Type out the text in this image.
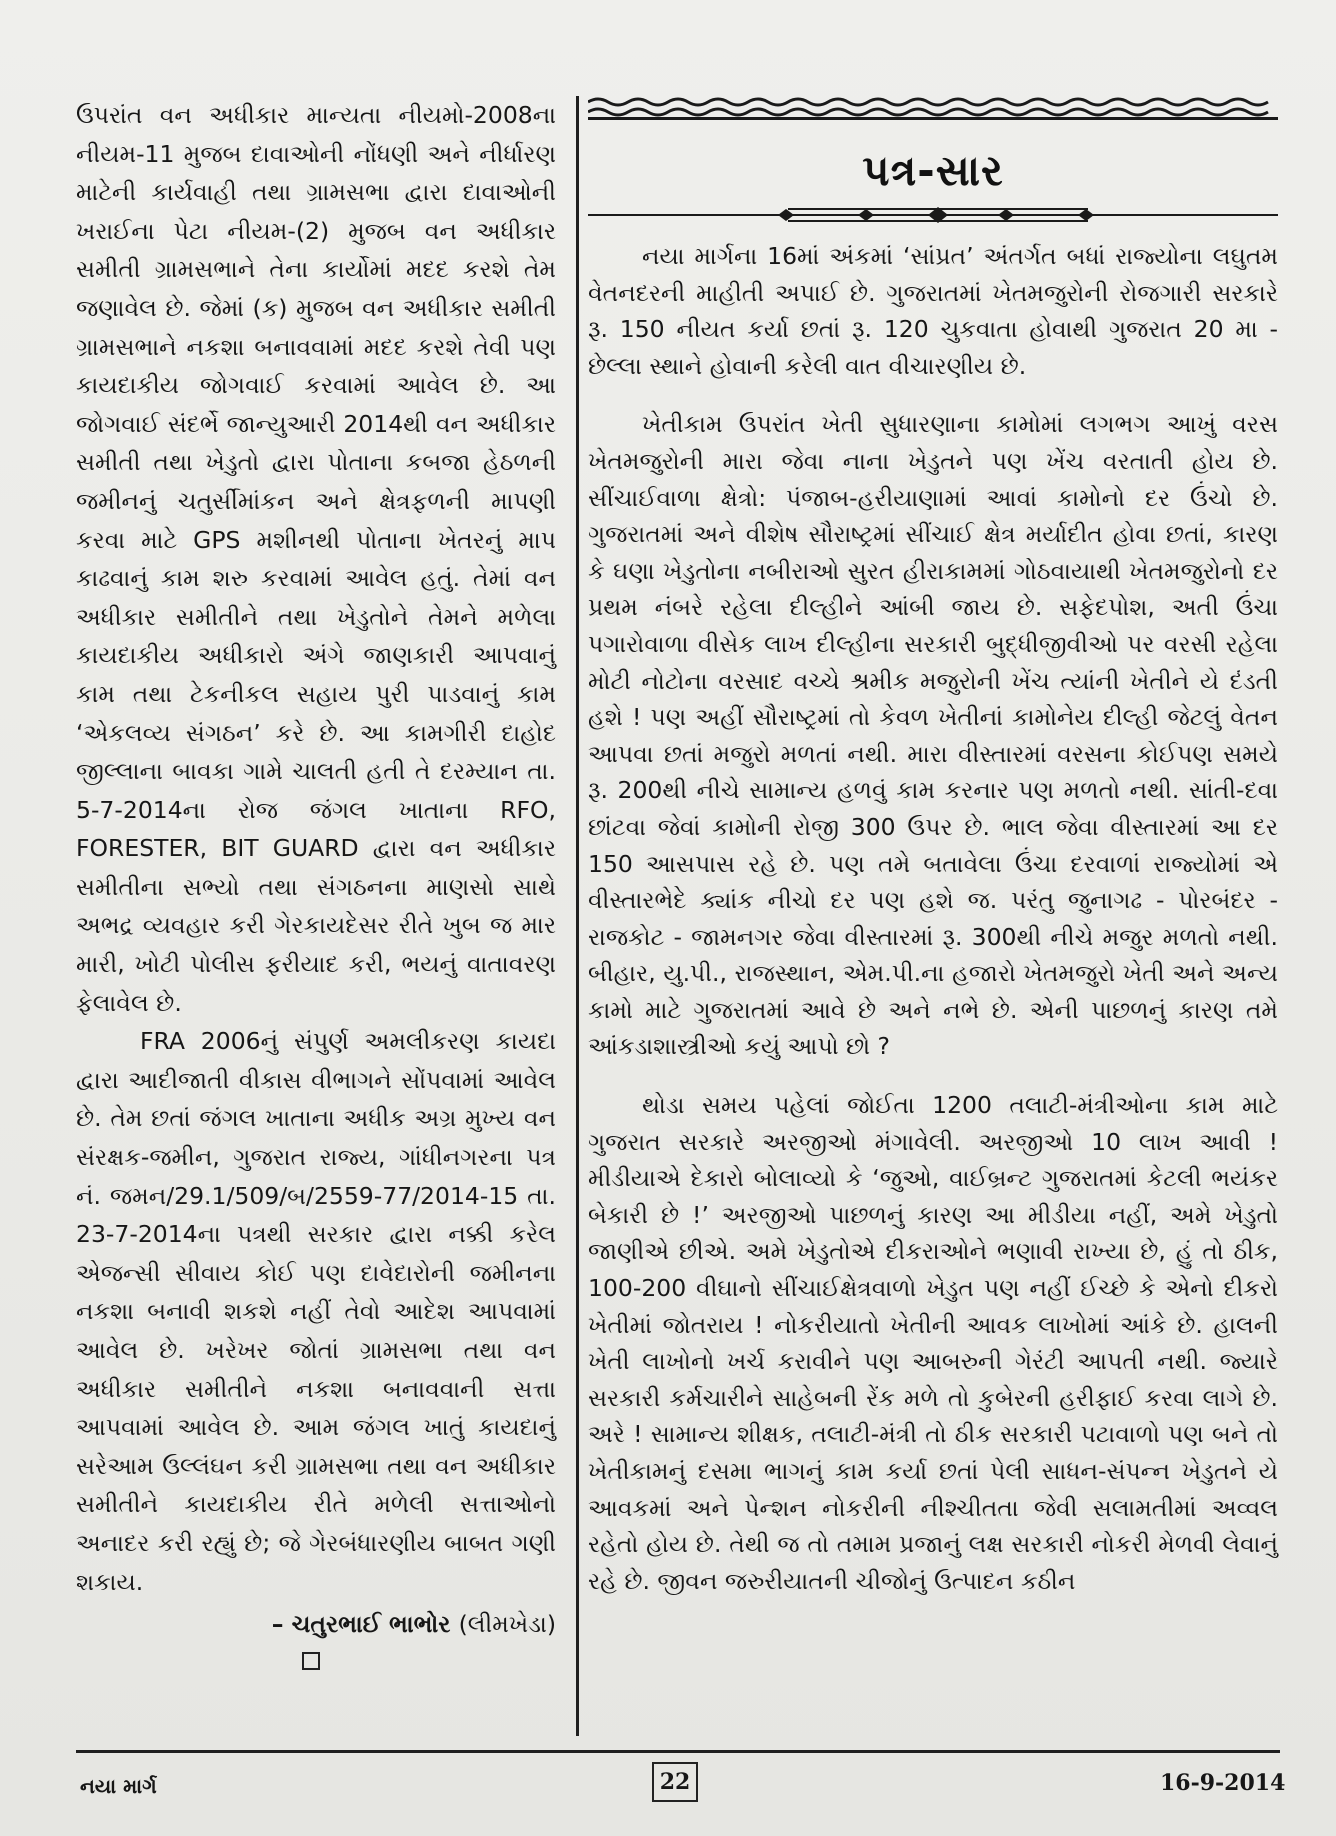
ઉપરાંત વન અધીકાર માન્યતા નીયમો-2008ના નીયમ-11 મુજબ દાવાઓની નોંધણી અને નીર્ધારણ માટેની કાર્યવાહી તથા ગ્રામસભા દ્વારા દાવાઓની ખરાઈના પેટા નીયમ-(2) મુજબ વન અધીકાર સમીતી ગ્રામસભાને તેના કાર્યોમાં મદદ કરશે તેમ જણાવેલ છે. જેમાં (ક) મુજબ વન અધીકાર સમીતી ગ્રામસભાને નકશા બનાવવામાં મદદ કરશે તેવી પણ કાયદાકીય જોગવાઈ કરવામાં આવેલ છે. આ જોગવાઈ સંદર્ભે જાન્યુઆરી 2014થી વન અધીકાર સમીતી તથા ખેડુતો દ્વારા પોતાના કબજા હેઠળની જમીનનું ચતુર્સીમાંકન અને ક્ષેત્રફળની માપણી કરવા માટે GPS મશીનથી પોતાના ખેતરનું માપ કાઢવાનું કામ શરુ કરવામાં આવેલ હતું. તેમાં વન અધીકાર સમીતીને તથા ખેડુતોને તેમને મળેલા કાયદાકીય અધીકારો અંગે જાણકારી આપવાનું કામ તથા ટેકનીકલ સહાય પુરી પાડવાનું કામ ‘એકલવ્ય સંગઠન’ કરે છે. આ કામગીરી દાહોદ જીલ્લાના બાવકા ગામે ચાલતી હતી તે દરમ્યાન તા. 5-7-2014ના રોજ જંગલ ખાતાના RFO, FORESTER, BIT GUARD દ્વારા વન અધીકાર સમીતીના સભ્યો તથા સંગઠનના માણસો સાથે અભદ્ર વ્યવહાર કરી ગેરકાયદેસર રીતે ખુબ જ માર મારી, ખોટી પોલીસ ફરીયાદ કરી, ભયનું વાતાવરણ ફેલાવેલ છે.

FRA 2006નું સંપુર્ણ અમલીકરણ કાયદા દ્વારા આદીજાતી વીકાસ વીભાગને સોંપવામાં આવેલ છે. તેમ છતાં જંગલ ખાતાના અધીક અગ્ર મુખ્ય વન સંરક્ષક-જમીન, ગુજરાત રાજ્ય, ગાંધીનગરના પત્ર નં. જમન/29.1/509/બ/2559-77/2014-15 તા. 23-7-2014ના પત્રથી સરકાર દ્વારા નક્કી કરેલ એજન્સી સીવાય કોઈ પણ દાવેદારોની જમીનના નકશા બનાવી શકશે નહીં તેવો આદેશ આપવામાં આવેલ છે. ખરેખર જોતાં ગ્રામસભા તથા વન અધીકાર સમીતીને નકશા બનાવવાની સત્તા આપવામાં આવેલ છે. આમ જંગલ ખાતું કાયદાનું સરેઆમ ઉલ્લંઘન કરી ગ્રામસભા તથા વન અધીકાર સમીતીને કાયદાકીય રીતે મળેલી સત્તાઓનો અનાદર કરી રહ્યું છે; જે ગેરબંધારણીય બાબત ગણી શકાય.

– ચતુરભાઈ ભાભોર (લીમખેડા)
પત્ર-સાર

નયા માર્ગના 16માં અંકમાં ‘સાંપ્રત’ અંતર્ગત બધાં રાજ્યોના લઘુતમ વેતનદરની માહીતી અપાઈ છે. ગુજરાતમાં ખેતમજુરોની રોજગારી સરકારે રૂ. 150 નીયત કર્યા છતાં રૂ. 120 ચુકવાતા હોવાથી ગુજરાત 20 મા - છેલ્લા સ્થાને હોવાની કરેલી વાત વીચારણીય છે.

ખેતીકામ ઉપરાંત ખેતી સુધારણાના કામોમાં લગભગ આખું વરસ ખેતમજુરોની મારા જેવા નાના ખેડુતને પણ ખેંચ વરતાતી હોય છે. સીંચાઈવાળા ક્ષેત્રો: પંજાબ-હરીયાણામાં આવાં કામોનો દર ઉંચો છે. ગુજરાતમાં અને વીશેષ સૌરાષ્ટ્રમાં સીંચાઈ ક્ષેત્ર મર્યાદીત હોવા છતાં, કારણ કે ઘણા ખેડુતોના નબીરાઓ સુરત હીરાકામમાં ગોઠવાયાથી ખેતમજુરોનો દર પ્રથમ નંબરે રહેલા દીલ્હીને આંબી જાય છે. સફેદપોશ, અતી ઉંચા પગારોવાળા વીસેક લાખ દીલ્હીના સરકારી બુદ્ધીજીવીઓ પર વરસી રહેલા મોટી નોટોના વરસાદ વચ્ચે શ્રમીક મજુરોની ખેંચ ત્યાંની ખેતીને યે દંડતી હશે ! પણ અહીં સૌરાષ્ટ્રમાં તો કેવળ ખેતીનાં કામોનેય દીલ્હી જેટલું વેતન આપવા છતાં મજુરો મળતાં નથી. મારા વીસ્તારમાં વરસના કોઈપણ સમયે રૂ. 200થી નીચે સામાન્ય હળવું કામ કરનાર પણ મળતો નથી. સાંતી-દવા છાંટવા જેવાં કામોની રોજી 300 ઉપર છે. ભાલ જેવા વીસ્તારમાં આ દર 150 આસપાસ રહે છે. પણ તમે બતાવેલા ઉંચા દરવાળાં રાજ્યોમાં એ વીસ્તારભેદે ક્યાંક નીચો દર પણ હશે જ. પરંતુ જુનાગઢ - પોરબંદર - રાજકોટ - જામનગર જેવા વીસ્તારમાં રૂ. 300થી નીચે મજુર મળતો નથી. બીહાર, યુ.પી., રાજસ્થાન, એમ.પી.ના હજારો ખેતમજુરો ખેતી અને અન્ય કામો માટે ગુજરાતમાં આવે છે અને નભે છે. એની પાછળનું કારણ તમે આંકડાશાસ્ત્રીઓ કયું આપો છો ?

થોડા સમય પહેલાં જોઈતા 1200 તલાટી-મંત્રીઓના કામ માટે ગુજરાત સરકારે અરજીઓ મંગાવેલી. અરજીઓ 10 લાખ આવી ! મીડીયાએ દેકારો બોલાવ્યો કે ‘જુઓ, વાઈબ્રન્ટ ગુજરાતમાં કેટલી ભયંકર બેકારી છે !’ અરજીઓ પાછળનું કારણ આ મીડીયા નહીં, અમે ખેડુતો જાણીએ છીએ. અમે ખેડુતોએ દીકરાઓને ભણાવી રાખ્યા છે, હું તો ઠીક, 100-200 વીઘાનો સીંચાઈક્ષેત્રવાળો ખેડુત પણ નહીં ઈચ્છે કે એનો દીકરો ખેતીમાં જોતરાય ! નોકરીયાતો ખેતીની આવક લાખોમાં આંકે છે. હાલની ખેતી લાખોનો ખર્ચ કરાવીને પણ આબરુની ગેરંટી આપતી નથી. જ્યારે સરકારી કર્મચારીને સાહેબની રેંક મળે તો કુબેરની હરીફાઈ કરવા લાગે છે. અરે ! સામાન્ય શીક્ષક, તલાટી-મંત્રી તો ઠીક સરકારી પટાવાળો પણ બને તો ખેતીકામનું દસમા ભાગનું કામ કર્યા છતાં પેલી સાધન-સંપન્ન ખેડુતને યે આવકમાં અને પેન્શન નોકરીની નીશ્ચીતતા જેવી સલામતીમાં અવ્વલ રહેતો હોય છે. તેથી જ તો તમામ પ્રજાનું લક્ષ સરકારી નોકરી મેળવી લેવાનું રહે છે. જીવન જરુરીયાતની ચીજોનું ઉત્પાદન કઠીન

નયા માર્ગ	22	16-9-2014
